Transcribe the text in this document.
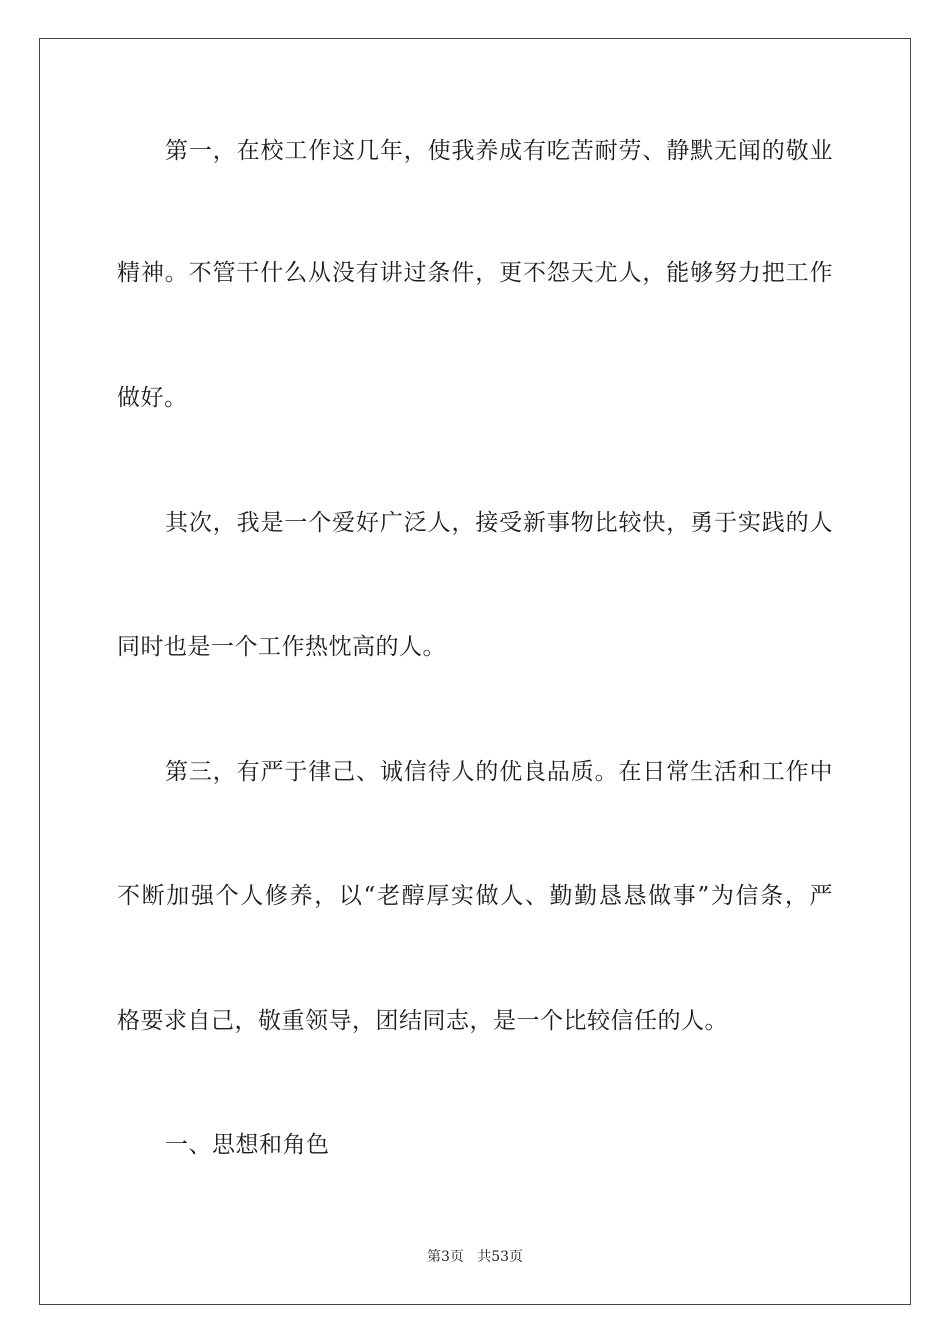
第一，在校工作这几年，使我养成有吃苦耐劳、静默无闻的敬业
精神。不管干什么从没有讲过条件，更不怨天尤人，能够努力把工作
做好。
其次，我是一个爱好广泛人，接受新事物比较快，勇于实践的人
同时也是一个工作热忱高的人。
第三，有严于律己、诚信待人的优良品质。在日常生活和工作中
不断加强个人修养，以“老醇厚实做人、勤勤恳恳做事”为信条，严
格要求自己，敬重领导，团结同志，是一个比较信任的人。
一、思想和角色
第3页   共53页
